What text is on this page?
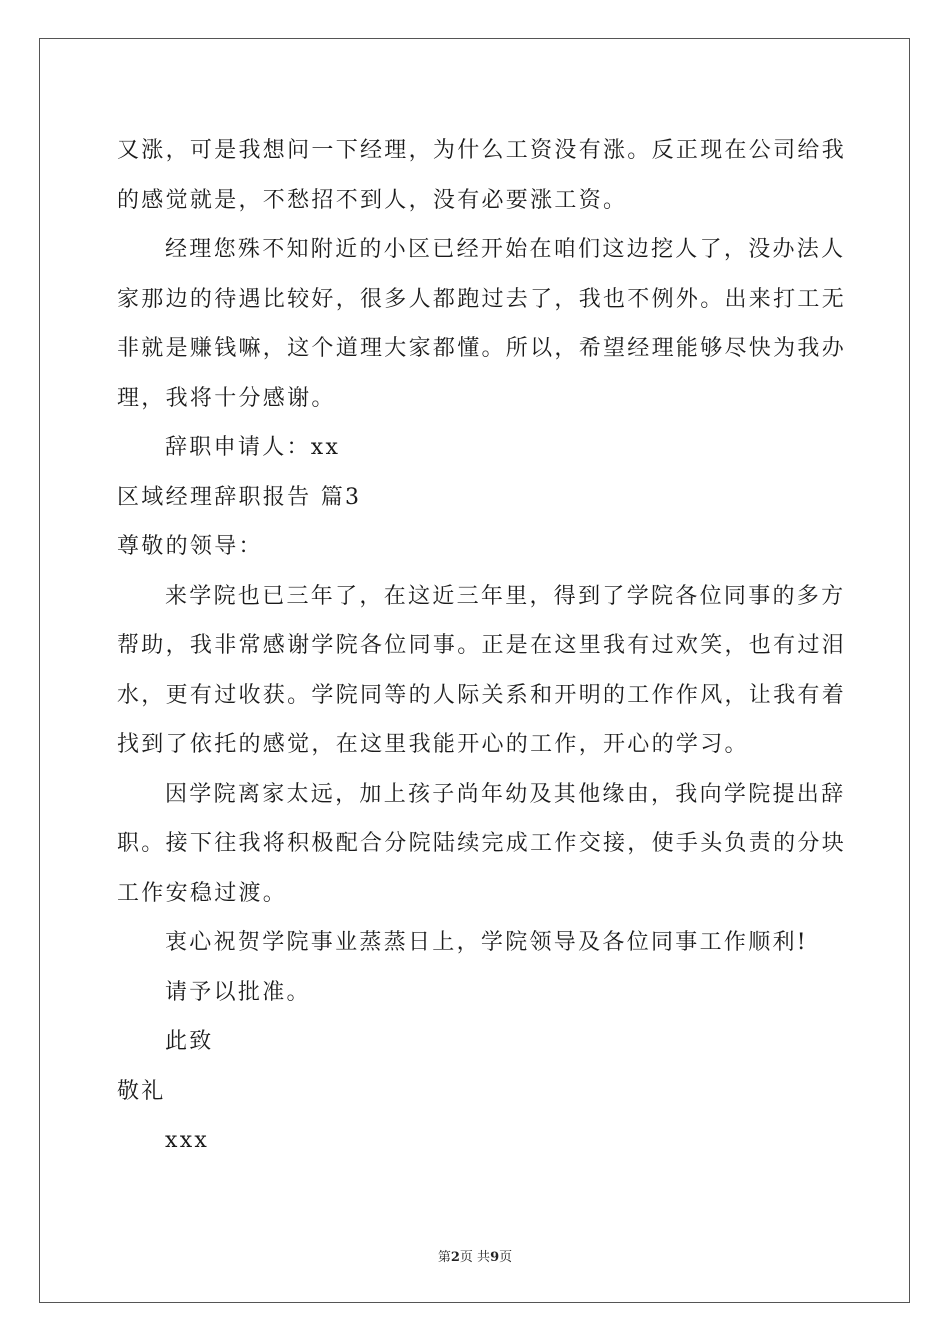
又涨，可是我想问一下经理，为什么工资没有涨。反正现在公司给我
的感觉就是，不愁招不到人，没有必要涨工资。
经理您殊不知附近的小区已经开始在咱们这边挖人了，没办法人
家那边的待遇比较好，很多人都跑过去了，我也不例外。出来打工无
非就是赚钱嘛，这个道理大家都懂。所以，希望经理能够尽快为我办
理，我将十分感谢。
辞职申请人：xx
区域经理辞职报告 篇3
尊敬的领导：
来学院也已三年了，在这近三年里，得到了学院各位同事的多方
帮助，我非常感谢学院各位同事。正是在这里我有过欢笑，也有过泪
水，更有过收获。学院同等的人际关系和开明的工作作风，让我有着
找到了依托的感觉，在这里我能开心的工作，开心的学习。
因学院离家太远，加上孩子尚年幼及其他缘由，我向学院提出辞
职。接下往我将积极配合分院陆续完成工作交接，使手头负责的分块
工作安稳过渡。
衷心祝贺学院事业蒸蒸日上，学院领导及各位同事工作顺利!
请予以批准。
此致
敬礼
xxx
第2页 共9页
